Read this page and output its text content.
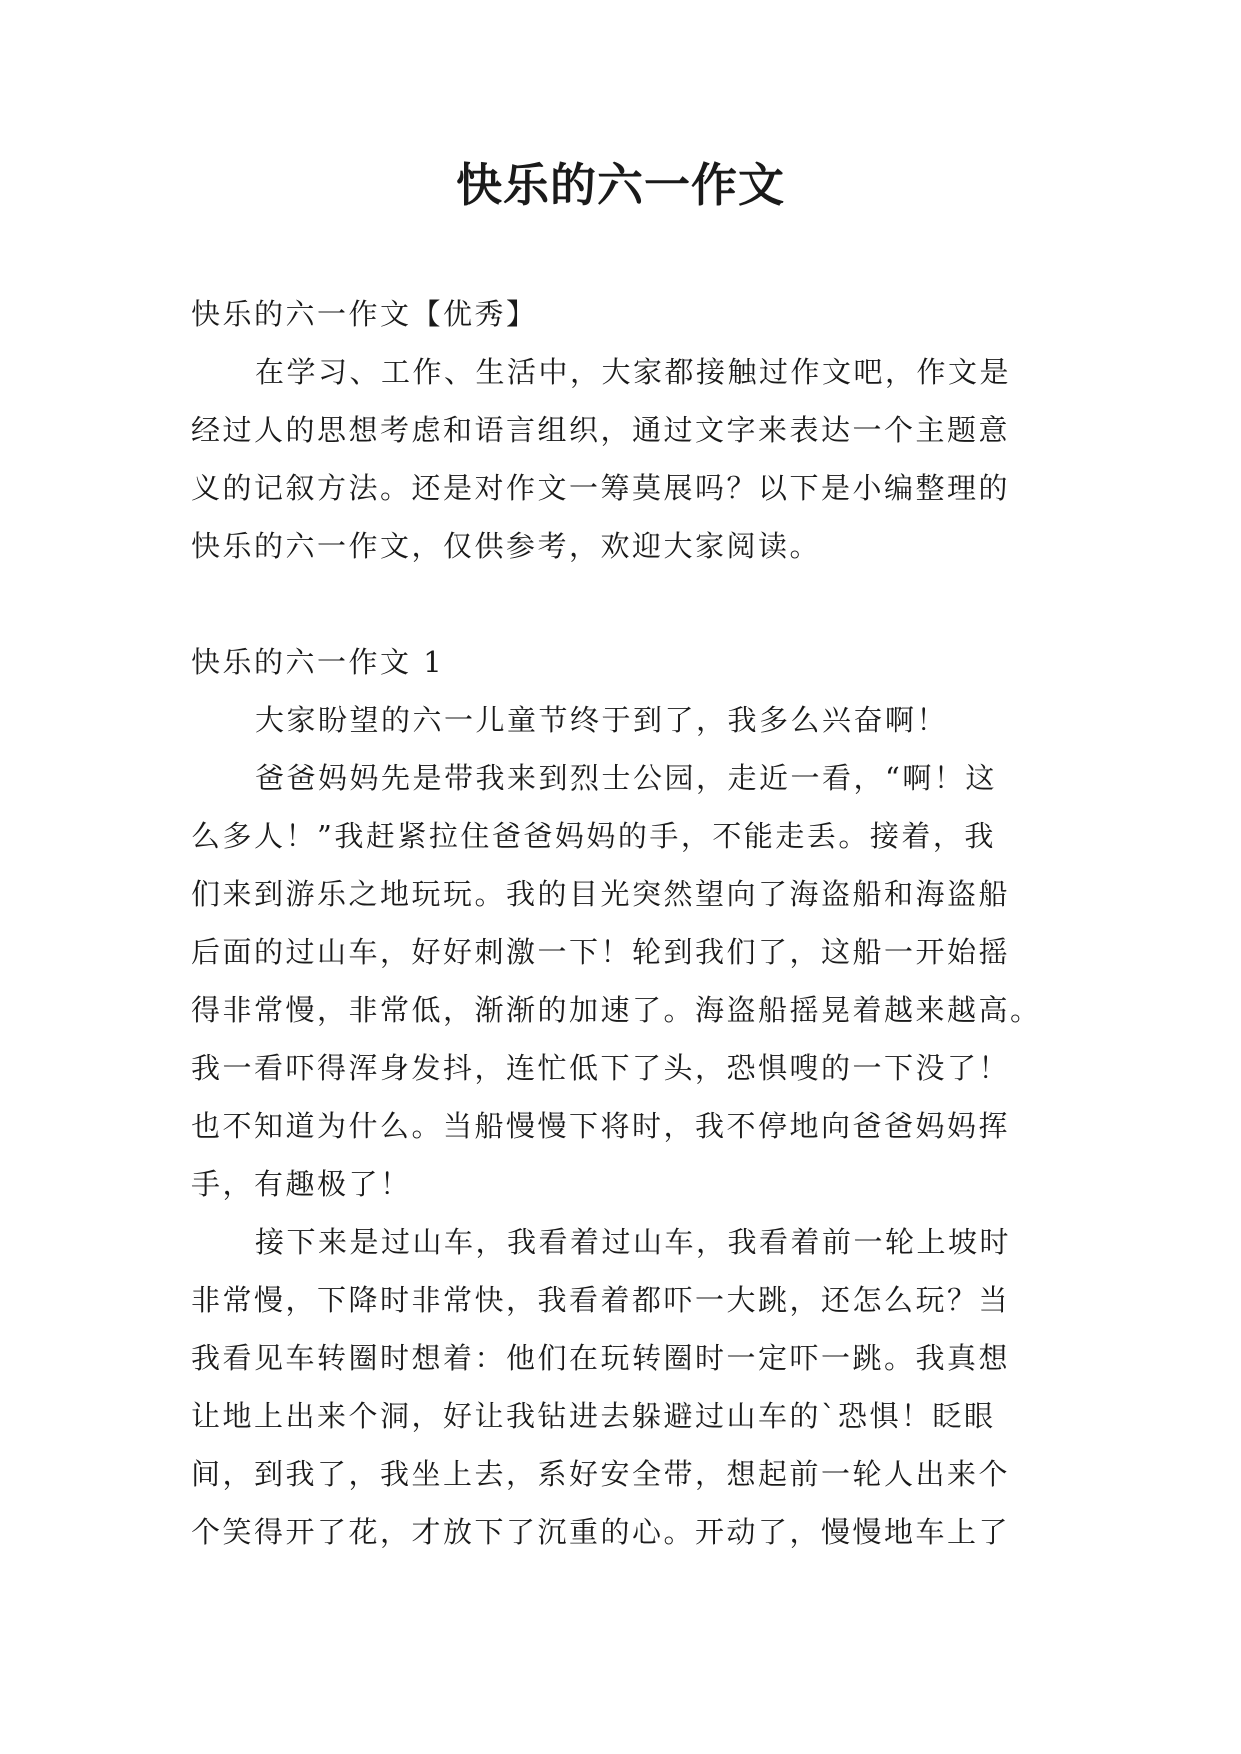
快乐的六一作文
快乐的六一作文【优秀】
在学习、工作、生活中，大家都接触过作文吧，作文是
经过人的思想考虑和语言组织，通过文字来表达一个主题意
义的记叙方法。还是对作文一筹莫展吗？以下是小编整理的
快乐的六一作文，仅供参考，欢迎大家阅读。
快乐的六一作文 1
大家盼望的六一儿童节终于到了，我多么兴奋啊！
爸爸妈妈先是带我来到烈士公园，走近一看，“啊！这
么多人！”我赶紧拉住爸爸妈妈的手，不能走丢。接着，我
们来到游乐之地玩玩。我的目光突然望向了海盗船和海盗船
后面的过山车，好好刺激一下！轮到我们了，这船一开始摇
得非常慢，非常低，渐渐的加速了。海盗船摇晃着越来越高。
我一看吓得浑身发抖，连忙低下了头，恐惧嗖的一下没了！
也不知道为什么。当船慢慢下将时，我不停地向爸爸妈妈挥
手，有趣极了！
接下来是过山车，我看着过山车，我看着前一轮上坡时
非常慢，下降时非常快，我看着都吓一大跳，还怎么玩？当
我看见车转圈时想着：他们在玩转圈时一定吓一跳。我真想
让地上出来个洞，好让我钻进去躲避过山车的`恐惧！眨眼
间，到我了，我坐上去，系好安全带，想起前一轮人出来个
个笑得开了花，才放下了沉重的心。开动了，慢慢地车上了
